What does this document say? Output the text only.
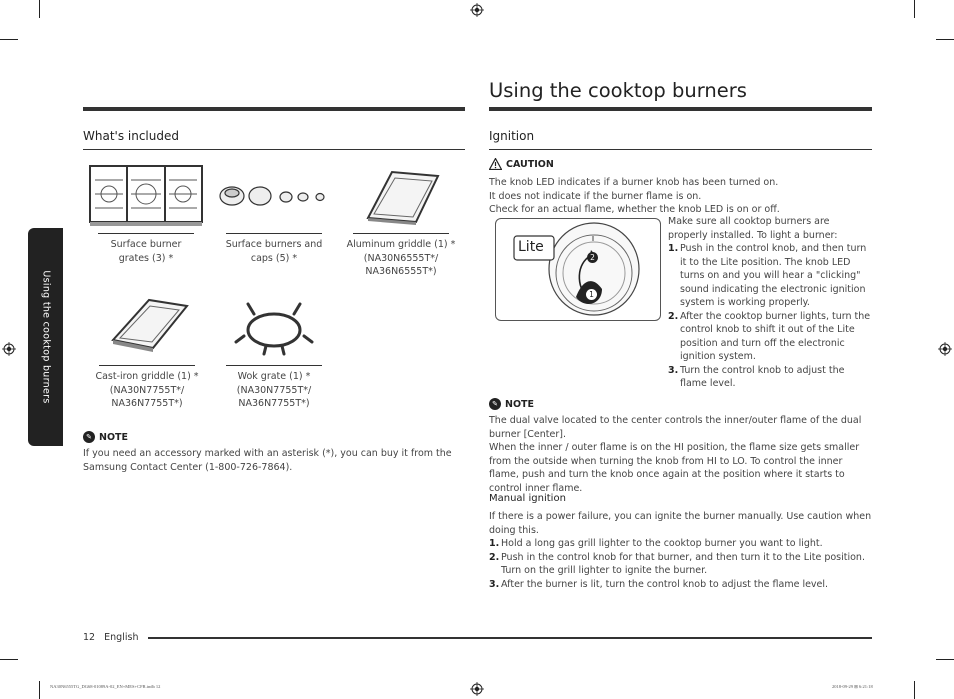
Using the cooktop burners
Using the cooktop burners
What's included
Surface burner grates (3) *
Surface burners and caps (5) *
Aluminum griddle (1) * (NA30N6555T*/ NA36N6555T*)
Cast-iron griddle (1) * (NA30N7755T*/ NA36N7755T*)
Wok grate (1) * (NA30N7755T*/ NA36N7755T*)
✎ NOTE
If you need an accessory marked with an asterisk (*), you can buy it from the Samsung Contact Center (1-800-726-7864).
Ignition
CAUTION

The knob LED indicates if a burner knob has been turned on.

It does not indicate if the burner flame is on.

Check for an actual flame, whether the knob LED is on or off.

Lite
2
1

Make sure all cooktop burners are properly installed. To light a burner:

1. Push in the control knob, and then turn it to the Lite position. The knob LED turns on and you will hear a "clicking" sound indicating the electronic ignition system is working properly.
2. After the cooktop burner lights, turn the control knob to shift it out of the Lite position and turn off the electronic ignition system.
3. Turn the control knob to adjust the flame level.
✎ NOTE

The dual valve located to the center controls the inner/outer flame of the dual burner [Center].

When the inner / outer flame is on the HI position, the flame size gets smaller from the outside when turning the knob from HI to LO. To control the inner flame, push and turn the knob once again at the position where it starts to control inner flame.

Manual ignition

If there is a power failure, you can ignite the burner manually. Use caution when doing this.

1. Hold a long gas grill lighter to the cooktop burner you want to light.
2. Push in the control knob for that burner, and then turn it to the Lite position. Turn on the grill lighter to ignite the burner.
3. After the burner is lit, turn the control knob to adjust the flame level.
12 English
NA30N6555TG_DG68-01089A-02_EN+MES+CFR.indb 12	2018-09-29 ⊞ 6:21:18
